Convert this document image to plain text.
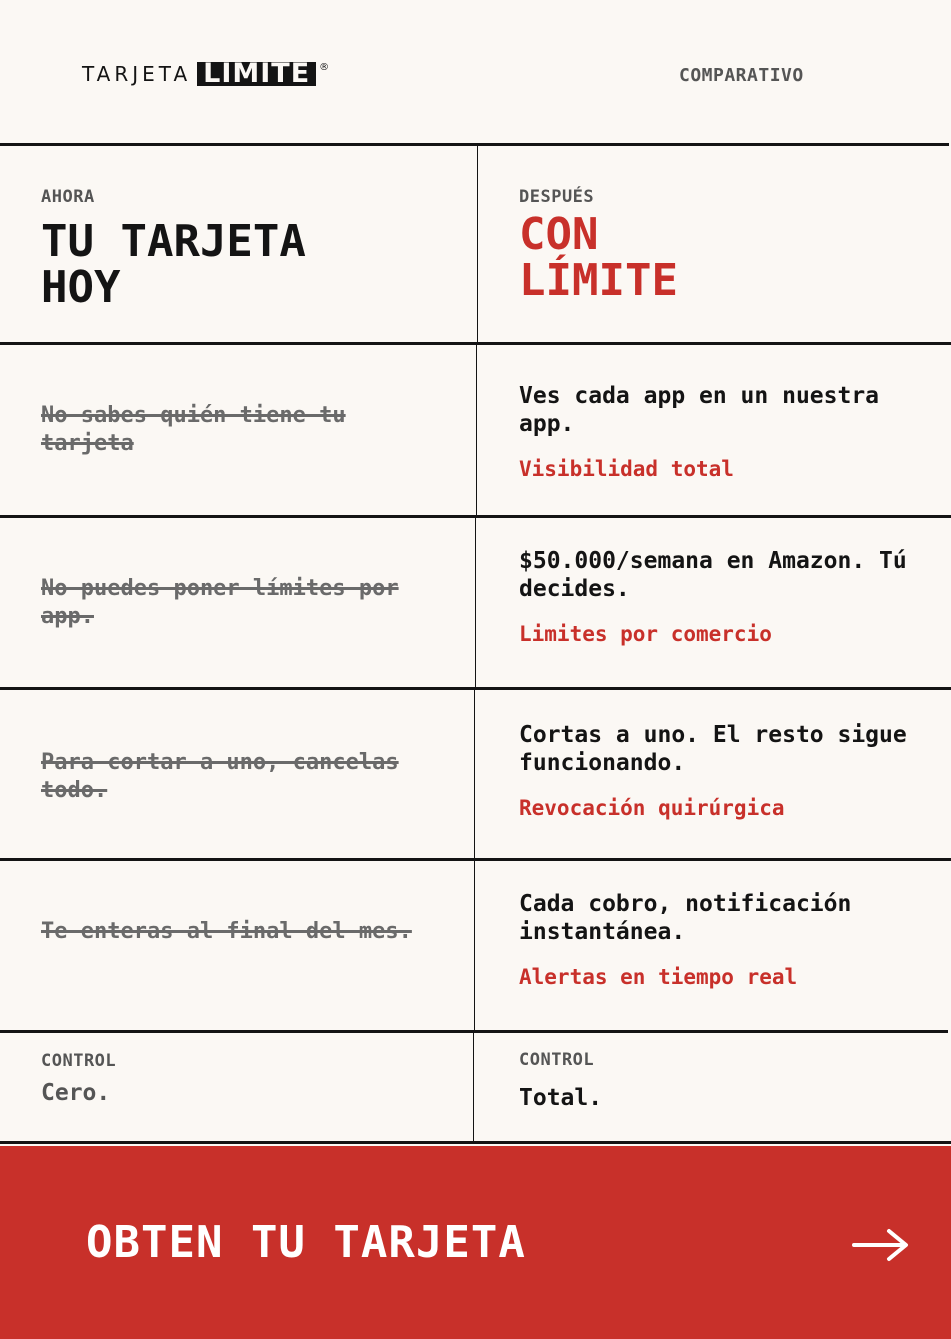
TARJETA LIMITE ®	COMPARATIVO
AHORA
TU TARJETA
HOY
DESPUÉS
CON
LÍMITE
No sabes quién tiene tu tarjeta
Ves cada app en un nuestra app.
Visibilidad total
No puedes poner límites por app.
$50.000/semana en Amazon. Tú decides.
Limites por comercio
Para cortar a uno, cancelas todo.
Cortas a uno. El resto sigue funcionando.
Revocación quirúrgica
Te enteras al final del mes.
Cada cobro, notificación instantánea.
Alertas en tiempo real
CONTROL
Cero.
CONTROL
Total.
OBTEN TU TARJETA
